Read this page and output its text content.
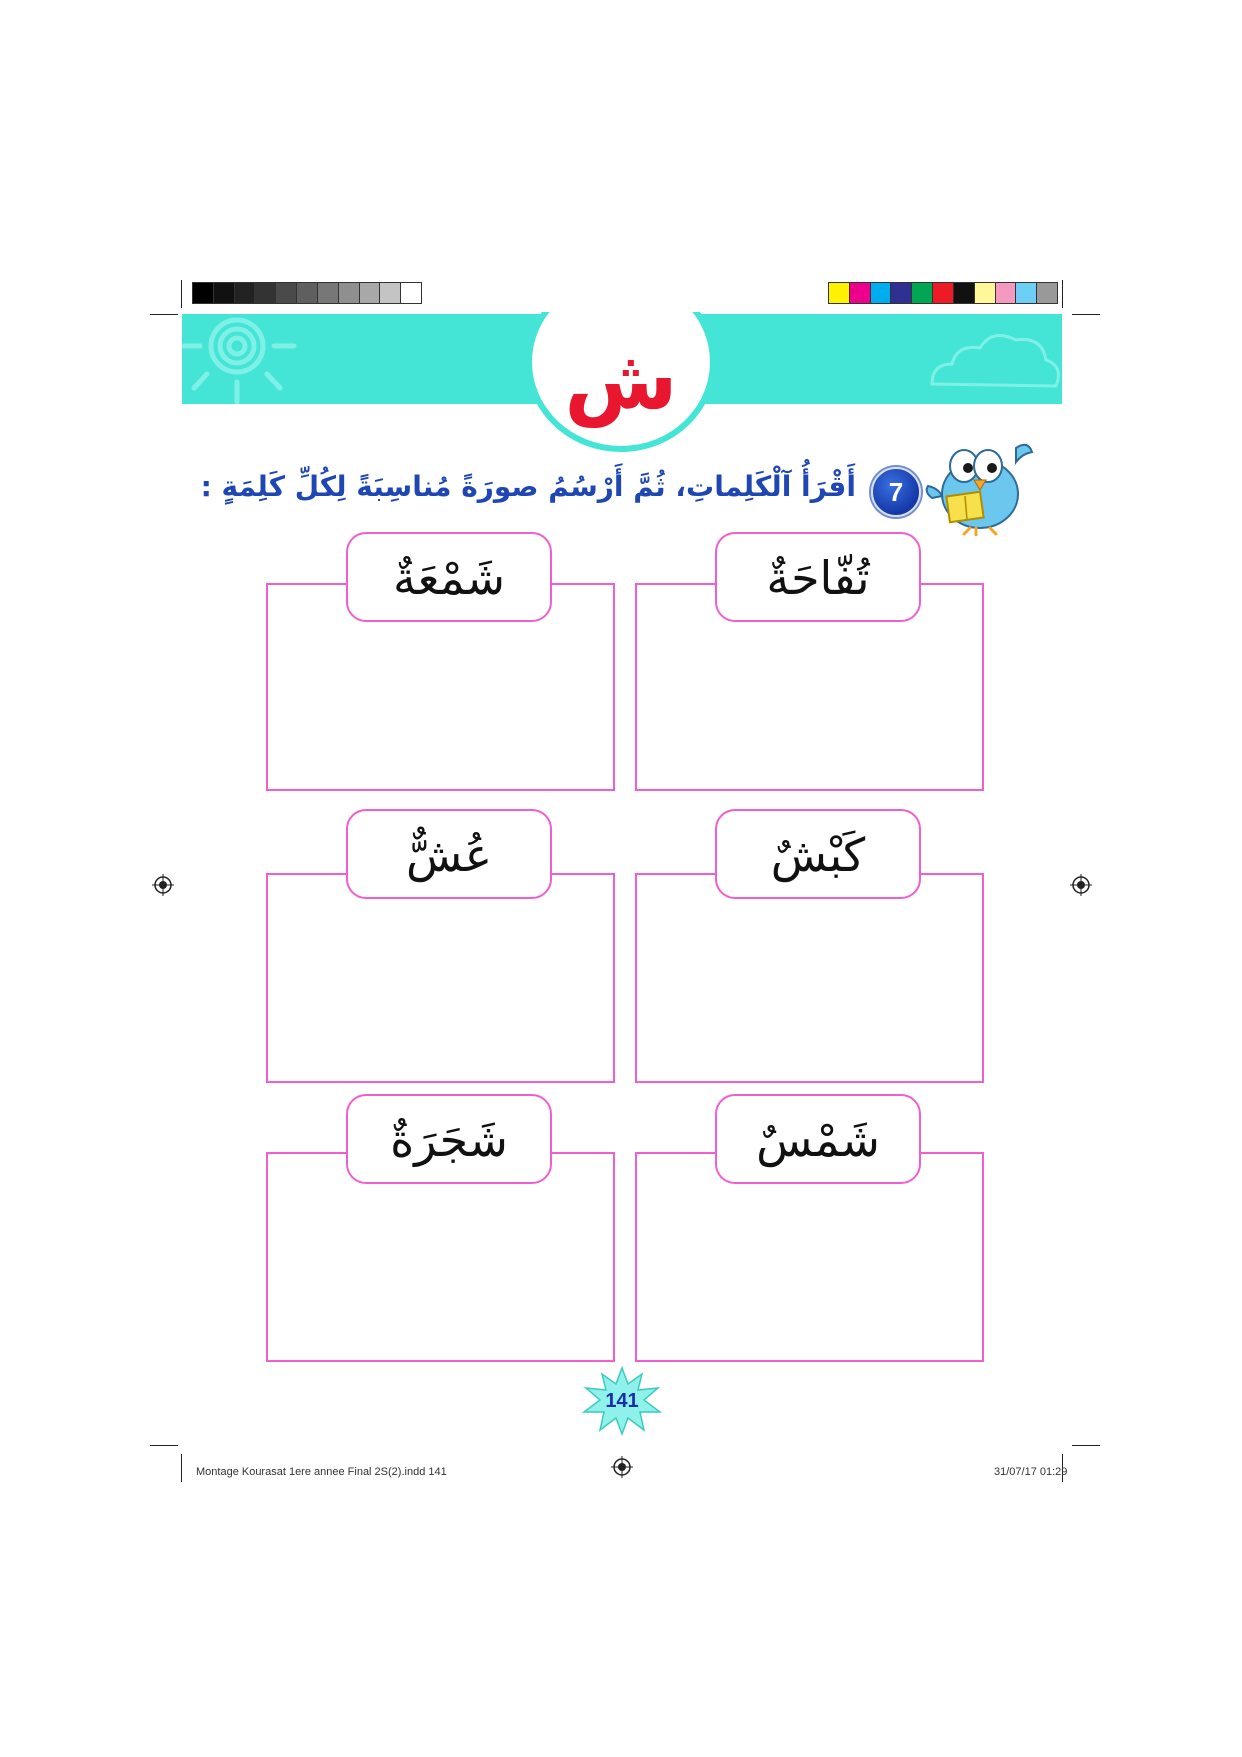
ش
أَقْرَأُ آلْكَلِماتِ، ثُمَّ أَرْسُمُ صورَةً مُناسِبَةً لِكُلِّ كَلِمَةٍ :	7
تُفّاحَةٌ
شَمْعَةٌ
كَبْشٌ
عُشٌّ
شَمْسٌ
شَجَرَةٌ
141
Montage Kourasat 1ere annee Final 2S(2).indd 141	31/07/17 01:29
